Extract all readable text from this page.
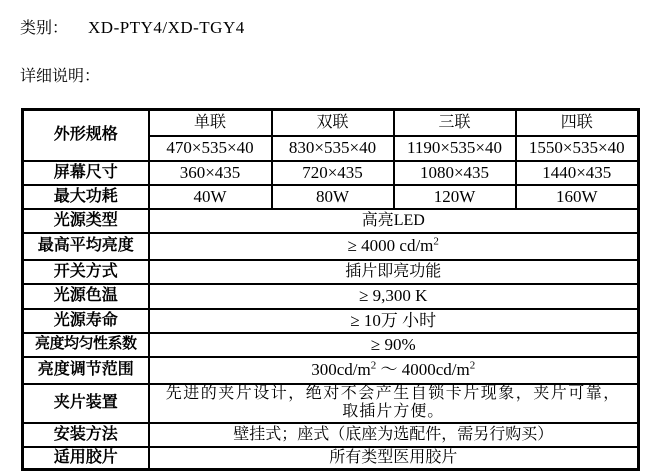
类别： XD-PTY4/XD-TGY4
详细说明：
外形规格	单联	双联	三联	四联
	470×535×40	830×535×40	1190×535×40	1550×535×40
屏幕尺寸	360×435	720×435	1080×435	1440×435
最大功耗	40W	80W	120W	160W
光源类型	高亮LED			
最高平均亮度	≥ 4000 $cd/m^2$
开关方式	插片即亮功能			
光源色温	≥ 9,300 K			
光源寿命	≥ 10万 小时			
亮度均匀性系数	≥ 90%			
亮度调节范围	$300cd/m^2$ ～ $4000cd/m^2$
夹片装置	先进的夹片设计，绝对不会产生自锁卡片现象，夹片可靠，
取插片方便。			

安装方法	壁挂式；座式（底座为选配件，需另行购买）			
适用胶片	所有类型医用胶片			
